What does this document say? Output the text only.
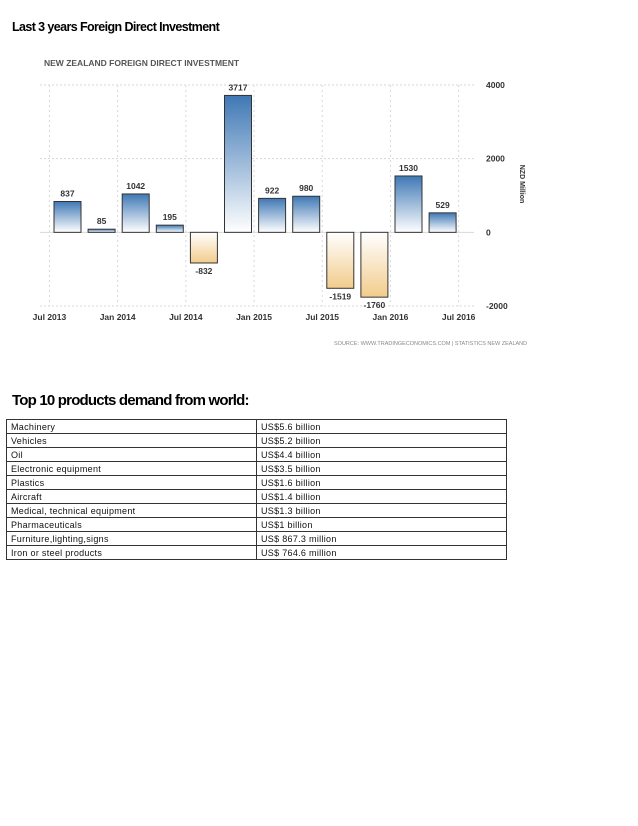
Last 3 years Foreign Direct Investment
NEW ZEALAND FOREIGN DIRECT INVESTMENT
4000
2000
0
-2000
Jul 2013	Jan 2014	Jul 2014	Jan 2015	Jul 2015	Jan 2016	Jul 2016
837
85
1042
195
-832
3717
922 980
-1519
-1760
1530
529
NZD Million
SOURCE: WWW.TRADINGECONOMICS.COM | STATISTICS NEW ZEALAND
Top 10 products demand from world:
Machinery	US$5.6 billion
Vehicles	US$5.2 billion
Oil	US$4.4 billion
Electronic equipment	US$3.5 billion
Plastics	US$1.6 billion
Aircraft	US$1.4 billion
Medical, technical equipment	US$1.3 billion
Pharmaceuticals	US$1 billion
Furniture,lighting,signs	US$ 867.3 million
Iron or steel products	US$ 764.6 million
